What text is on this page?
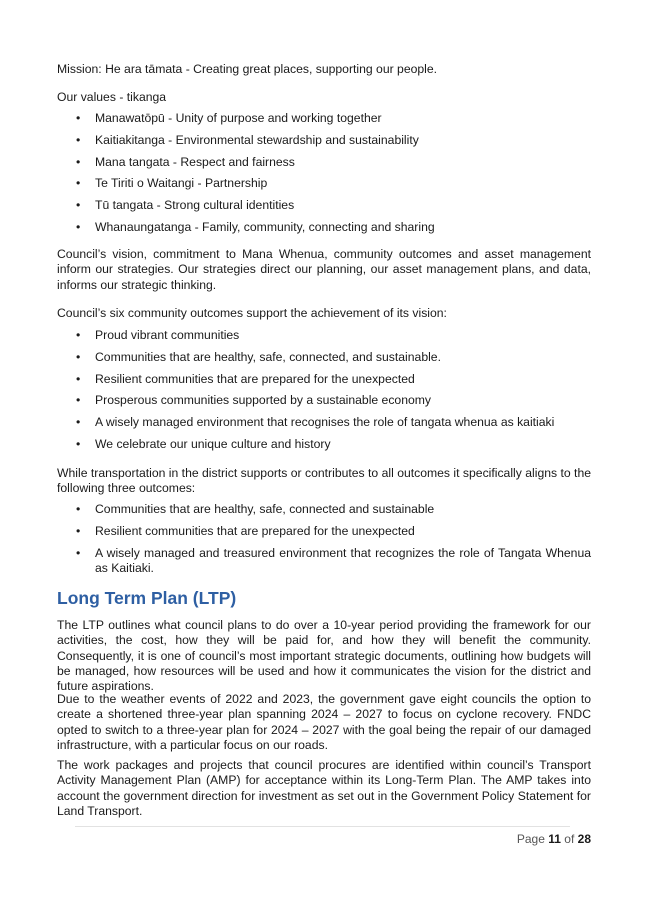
Mission: He ara tāmata - Creating great places, supporting our people.

Our values - tikanga

• Manawatōpū - Unity of purpose and working together
• Kaitiakitanga - Environmental stewardship and sustainability
• Mana tangata - Respect and fairness
• Te Tiriti o Waitangi - Partnership
• Tū tangata - Strong cultural identities
• Whanaungatanga - Family, community, connecting and sharing

Council’s vision, commitment to Mana Whenua, community outcomes and asset management inform our strategies. Our strategies direct our planning, our asset management plans, and data, informs our strategic thinking.

Council’s six community outcomes support the achievement of its vision:

• Proud vibrant communities
• Communities that are healthy, safe, connected, and sustainable.
• Resilient communities that are prepared for the unexpected
• Prosperous communities supported by a sustainable economy
• A wisely managed environment that recognises the role of tangata whenua as kaitiaki
• We celebrate our unique culture and history

While transportation in the district supports or contributes to all outcomes it specifically aligns to the following three outcomes:

• Communities that are healthy, safe, connected and sustainable
• Resilient communities that are prepared for the unexpected
• A wisely managed and treasured environment that recognizes the role of Tangata Whenua as Kaitiaki.
Long Term Plan (LTP)

The LTP outlines what council plans to do over a 10-year period providing the framework for our activities, the cost, how they will be paid for, and how they will benefit the community. Consequently, it is one of council’s most important strategic documents, outlining how budgets will be managed, how resources will be used and how it communicates the vision for the district and future aspirations.

Due to the weather events of 2022 and 2023, the government gave eight councils the option to create a shortened three-year plan spanning 2024 – 2027 to focus on cyclone recovery. FNDC opted to switch to a three-year plan for 2024 – 2027 with the goal being the repair of our damaged infrastructure, with a particular focus on our roads.

The work packages and projects that council procures are identified within council’s Transport Activity Management Plan (AMP) for acceptance within its Long-Term Plan. The AMP takes into account the government direction for investment as set out in the Government Policy Statement for Land Transport.

Page 11 of 28
